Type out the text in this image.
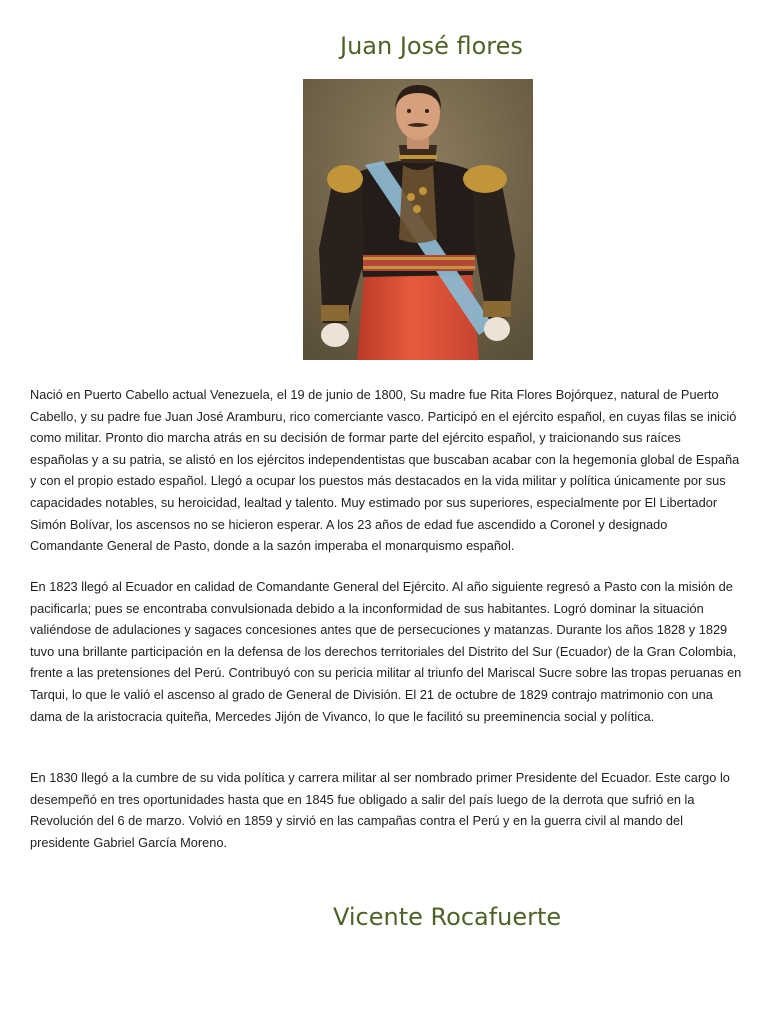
Juan José flores

Nació en Puerto Cabello actual Venezuela, el 19 de junio de 1800, Su madre fue Rita Flores Bojórquez, natural de Puerto Cabello, y su padre fue Juan José Aramburu, rico comerciante vasco. Participó en el ejército español, en cuyas filas se inició como militar. Pronto dio marcha atrás en su decisión de formar parte del ejército español, y traicionando sus raíces españolas y a su patria, se alistó en los ejércitos independentistas que buscaban acabar con la hegemonía global de España y con el propio estado español. Llegó a ocupar los puestos más destacados en la vida militar y política únicamente por sus capacidades notables, su heroicidad, lealtad y talento. Muy estimado por sus superiores, especialmente por El Libertador Simón Bolívar, los ascensos no se hicieron esperar. A los 23 años de edad fue ascendido a Coronel y designado Comandante General de Pasto, donde a la sazón imperaba el monarquismo español.

En 1823 llegó al Ecuador en calidad de Comandante General del Ejército. Al año siguiente regresó a Pasto con la misión de pacificarla; pues se encontraba convulsionada debido a la inconformidad de sus habitantes. Logró dominar la situación valiéndose de adulaciones y sagaces concesiones antes que de persecuciones y matanzas. Durante los años 1828 y 1829 tuvo una brillante participación en la defensa de los derechos territoriales del Distrito del Sur (Ecuador) de la Gran Colombia, frente a las pretensiones del Perú. Contribuyó con su pericia militar al triunfo del Mariscal Sucre sobre las tropas peruanas en Tarqui, lo que le valió el ascenso al grado de General de División. El 21 de octubre de 1829 contrajo matrimonio con una dama de la aristocracia quiteña, Mercedes Jijón de Vivanco, lo que le facilitó su preeminencia social y política.

En 1830 llegó a la cumbre de su vida política y carrera militar al ser nombrado primer Presidente del Ecuador. Este cargo lo desempeñó en tres oportunidades hasta que en 1845 fue obligado a salir del país luego de la derrota que sufrió en la Revolución del 6 de marzo. Volvió en 1859 y sirvió en las campañas contra el Perú y en la guerra civil al mando del presidente Gabriel García Moreno.

Vicente Rocafuerte
